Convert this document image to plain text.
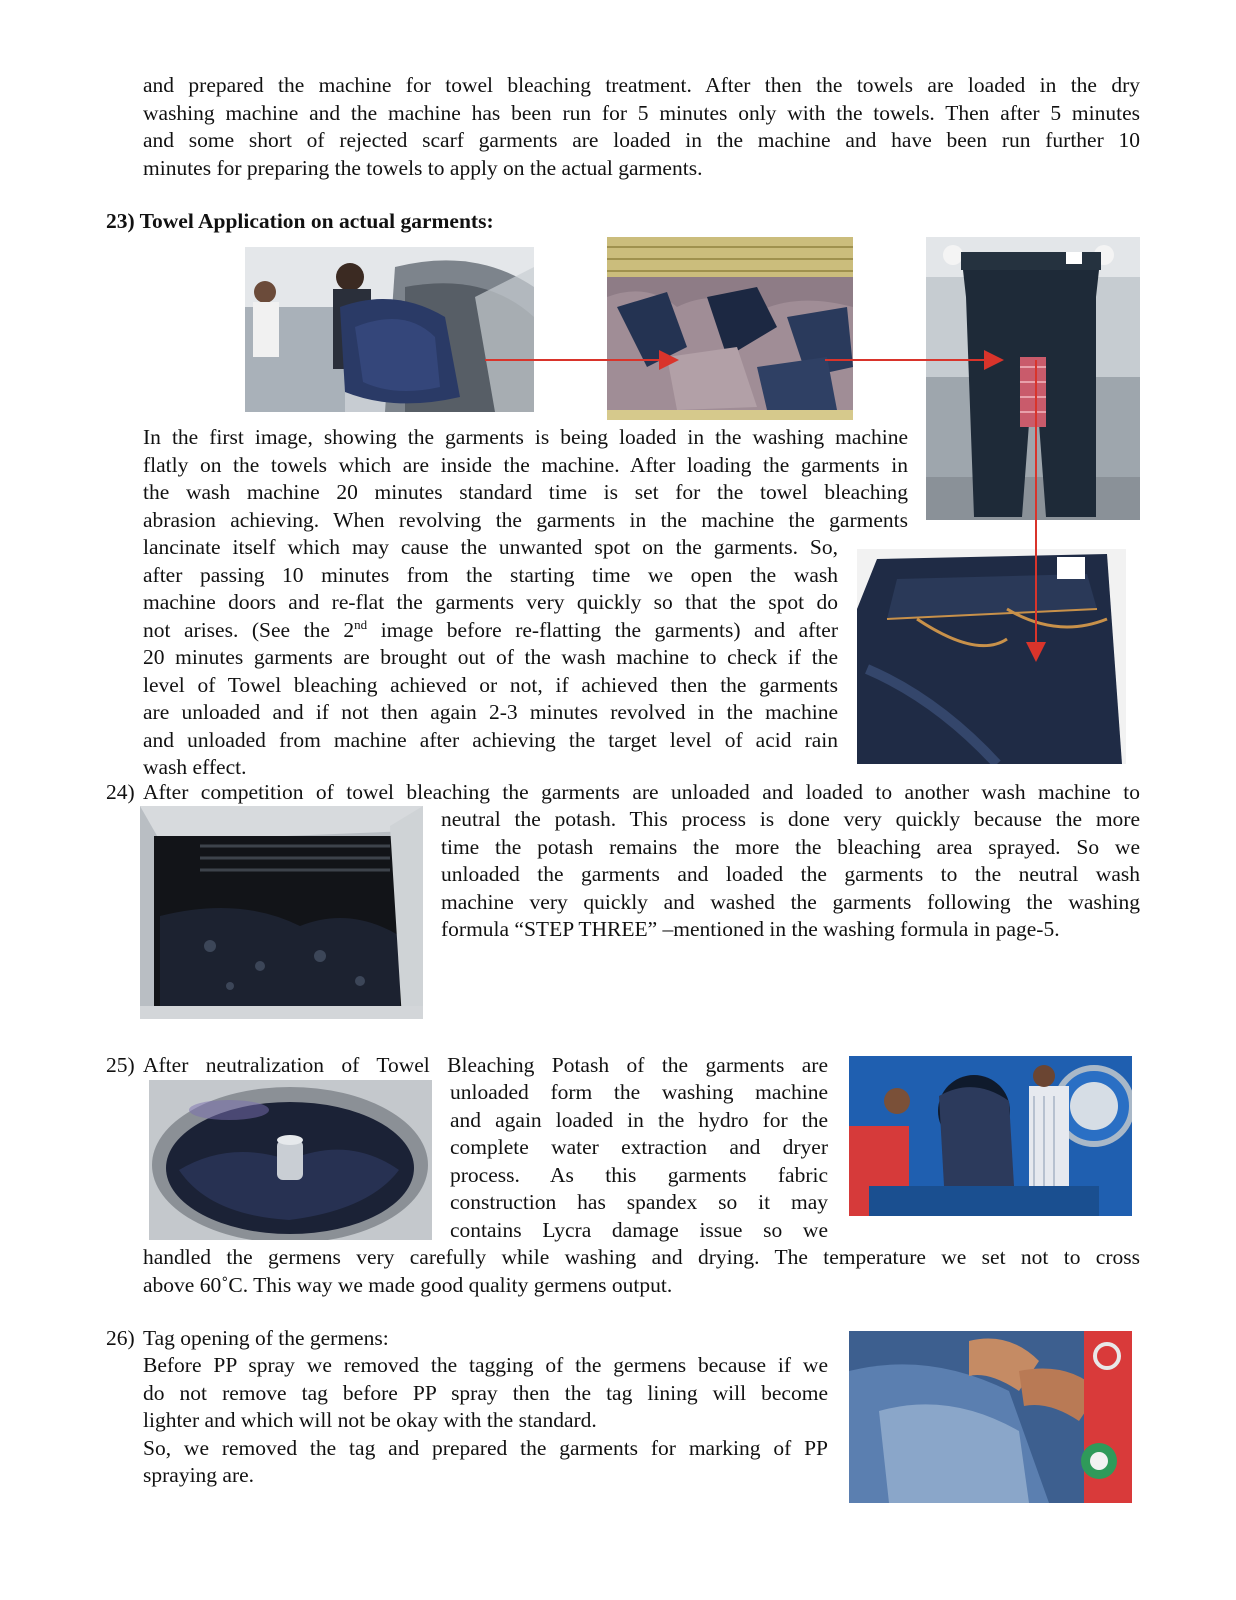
and prepared the machine for towel bleaching treatment. After then the towels are loaded in the dry
washing machine and the machine has been run for 5 minutes only with the towels. Then after 5 minutes
and some short of rejected scarf garments are loaded in the machine and have been run further 10
minutes for preparing the towels to apply on the actual garments.

23) Towel Application on actual garments:

In the first image, showing the garments is being loaded in the washing machine
flatly on the towels which are inside the machine. After loading the garments in
the wash machine 20 minutes standard time is set for the towel bleaching
abrasion achieving. When revolving the garments in the machine the garments

lancinate itself which may cause the unwanted spot on the garments. So,
after passing 10 minutes from the starting time we open the wash
machine doors and re-flat the garments very quickly so that the spot do
not arises. (See the 2nd image before re-flatting the garments) and after
20 minutes garments are brought out of the wash machine to check if the
level of Towel bleaching achieved or not, if achieved then the garments
are unloaded and if not then again 2-3 minutes revolved in the machine
and unloaded from machine after achieving the target level of acid rain
wash effect.

24) After competition of towel bleaching the garments are unloaded and loaded to another wash machine to

neutral the potash. This process is done very quickly because the more
time the potash remains the more the bleaching area sprayed. So we
unloaded the garments and loaded the garments to the neutral wash
machine very quickly and washed the garments following the washing
formula “STEP THREE” –mentioned in the washing formula in page-5.

25) After neutralization of Towel Bleaching Potash of the garments are

unloaded form the washing machine
and again loaded in the hydro for the
complete water extraction and dryer
process. As this garments fabric
construction has spandex so it may
contains Lycra damage issue so we

handled the germens very carefully while washing and drying. The temperature we set not to cross
above 60˚C. This way we made good quality germens output.

26) Tag opening of the germens:

Before PP spray we removed the tagging of the germens because if we
do not remove tag before PP spray then the tag lining will become
lighter and which will not be okay with the standard.
So, we removed the tag and prepared the garments for marking of PP
spraying are.
